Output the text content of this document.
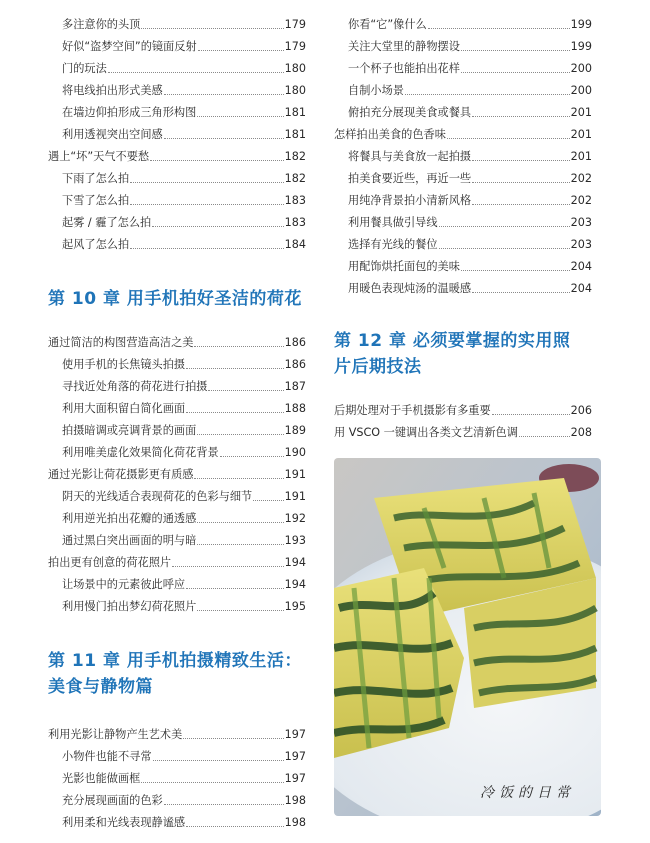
多注意你的头顶	179
好似“盗梦空间”的镜面反射	179
门的玩法	180
将电线拍出形式美感	180
在墙边仰拍形成三角形构图	181
利用透视突出空间感	181
遇上“坏”天气不要愁	182
下雨了怎么拍	182
下雪了怎么拍	183
起雾 / 霾了怎么拍	183
起风了怎么拍	184
第 10 章 用手机拍好圣洁的荷花
通过简洁的构图营造高洁之美	186
使用手机的长焦镜头拍摄	186
寻找近处角落的荷花进行拍摄	187
利用大面积留白简化画面	188
拍摄暗调或亮调背景的画面	189
利用唯美虚化效果简化荷花背景	190
通过光影让荷花摄影更有质感	191
阴天的光线适合表现荷花的色彩与细节	191
利用逆光拍出花瓣的通透感	192
通过黑白突出画面的明与暗	193
拍出更有创意的荷花照片	194
让场景中的元素彼此呼应	194
利用慢门拍出梦幻荷花照片	195
第 11 章 用手机拍摄精致生活：
美食与静物篇
利用光影让静物产生艺术美	197
小物件也能不寻常	197
光影也能做画框	197
充分展现画面的色彩	198
利用柔和光线表现静谧感	198
你看“它”像什么	199
关注大堂里的静物摆设	199
一个杯子也能拍出花样	200
自制小场景	200
俯拍充分展现美食或餐具	201
怎样拍出美食的色香味	201
将餐具与美食放一起拍摄	201
拍美食要近些，再近一些	202
用纯净背景拍小清新风格	202
利用餐具做引导线	203
选择有光线的餐位	203
用配饰烘托面包的美味	204
用暖色表现炖汤的温暖感	204
第 12 章 必须要掌握的实用照
片后期技法
后期处理对于手机摄影有多重要	206
用 VSCO 一键调出各类文艺清新色调	208
冷饭的日常
